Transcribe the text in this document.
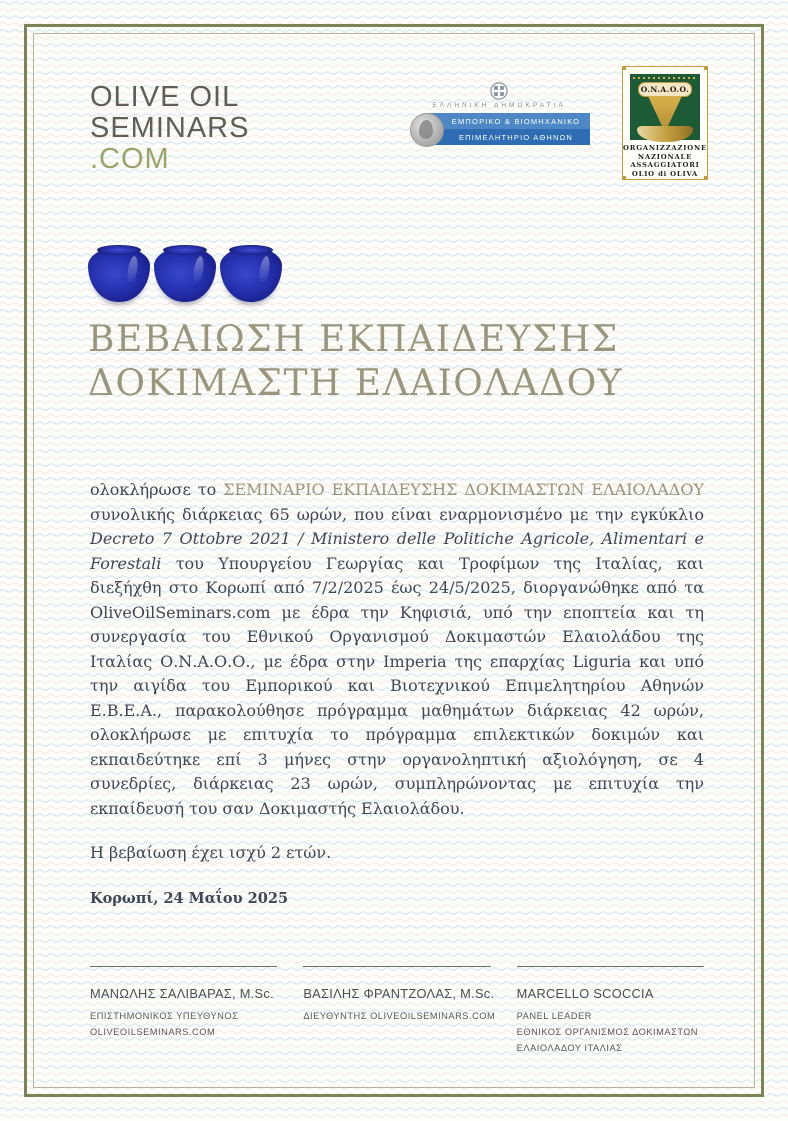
OLIVE OIL
SEMINARS
.COM
ΕΛΛΗΝΙΚΗ ΔΗΜΟΚΡΑΤΙΑ
ΕΜΠΟΡΙΚΟ & ΒΙΟΜΗΧΑΝΙΚΟ
ΕΠΙΜΕΛΗΤΗΡΙΟ ΑΘΗΝΩΝ
O.N.A.O.O.
ORGANIZZAZIONE
NAZIONALE
ASSAGGIATORI
OLIO di OLIVA
ΒΕΒΑΙΩΣΗ ΕΚΠΑΙΔΕΥΣΗΣ
ΔΟΚΙΜΑΣΤΗ ΕΛΑΙΟΛΑΔΟΥ

ολοκλήρωσε το ΣΕΜΙΝΑΡΙΟ ΕΚΠΑΙΔΕΥΣΗΣ ΔΟΚΙΜΑΣΤΩΝ ΕΛΑΙΟΛΑΔΟΥ συνολικής διάρκειας 65 ωρών, που είναι εναρμονισμένο με την εγκύκλιο Decreto 7 Ottobre 2021 / Ministero delle Politiche Agricole, Alimentari e Forestali του Υπουργείου Γεωργίας και Τροφίμων της Ιταλίας, και διεξήχθη στο Κορωπί από 7/2/2025 έως 24/5/2025, διοργανώθηκε από τα OliveOilSeminars.com με έδρα την Κηφισιά, υπό την εποπτεία και τη συνεργασία του Εθνικού Οργανισμού Δοκιμαστών Ελαιολάδου της Ιταλίας Ο.Ν.Α.Ο.Ο., με έδρα στην Imperia της επαρχίας Liguria και υπό την αιγίδα του Εμπορικού και Βιοτεχνικού Επιμελητηρίου Αθηνών Ε.Β.Ε.Α., παρακολούθησε πρόγραμμα μαθημάτων διάρκειας 42 ωρών, ολοκλήρωσε με επιτυχία το πρόγραμμα επιλεκτικών δοκιμών και εκπαιδεύτηκε επί 3 μήνες στην οργανοληπτική αξιολόγηση, σε 4 συνεδρίες, διάρκειας 23 ωρών, συμπληρώνοντας με επιτυχία την εκπαίδευσή του σαν Δοκιμαστής Ελαιολάδου.

Η βεβαίωση έχει ισχύ 2 ετών.
Κορωπί, 24 Μαΐου 2025
ΜΑΝΩΛΗΣ ΣΑΛΙΒΑΡΑΣ, M.Sc.
ΕΠΙΣΤΗΜΟΝΙΚΟΣ ΥΠΕΥΘΥΝΟΣ
OLIVEOILSEMINARS.COM
ΒΑΣΙΛΗΣ ΦΡΑΝΤΖΟΛΑΣ, M.Sc.
ΔΙΕΥΘΥΝΤΗΣ OLIVEOILSEMINARS.COM
MARCELLO SCOCCIA
PANEL LEADER
ΕΘΝΙΚΟΣ ΟΡΓΑΝΙΣΜΟΣ ΔΟΚΙΜΑΣΤΩΝ
ΕΛΑΙΟΛΑΔΟΥ ΙΤΑΛΙΑΣ
